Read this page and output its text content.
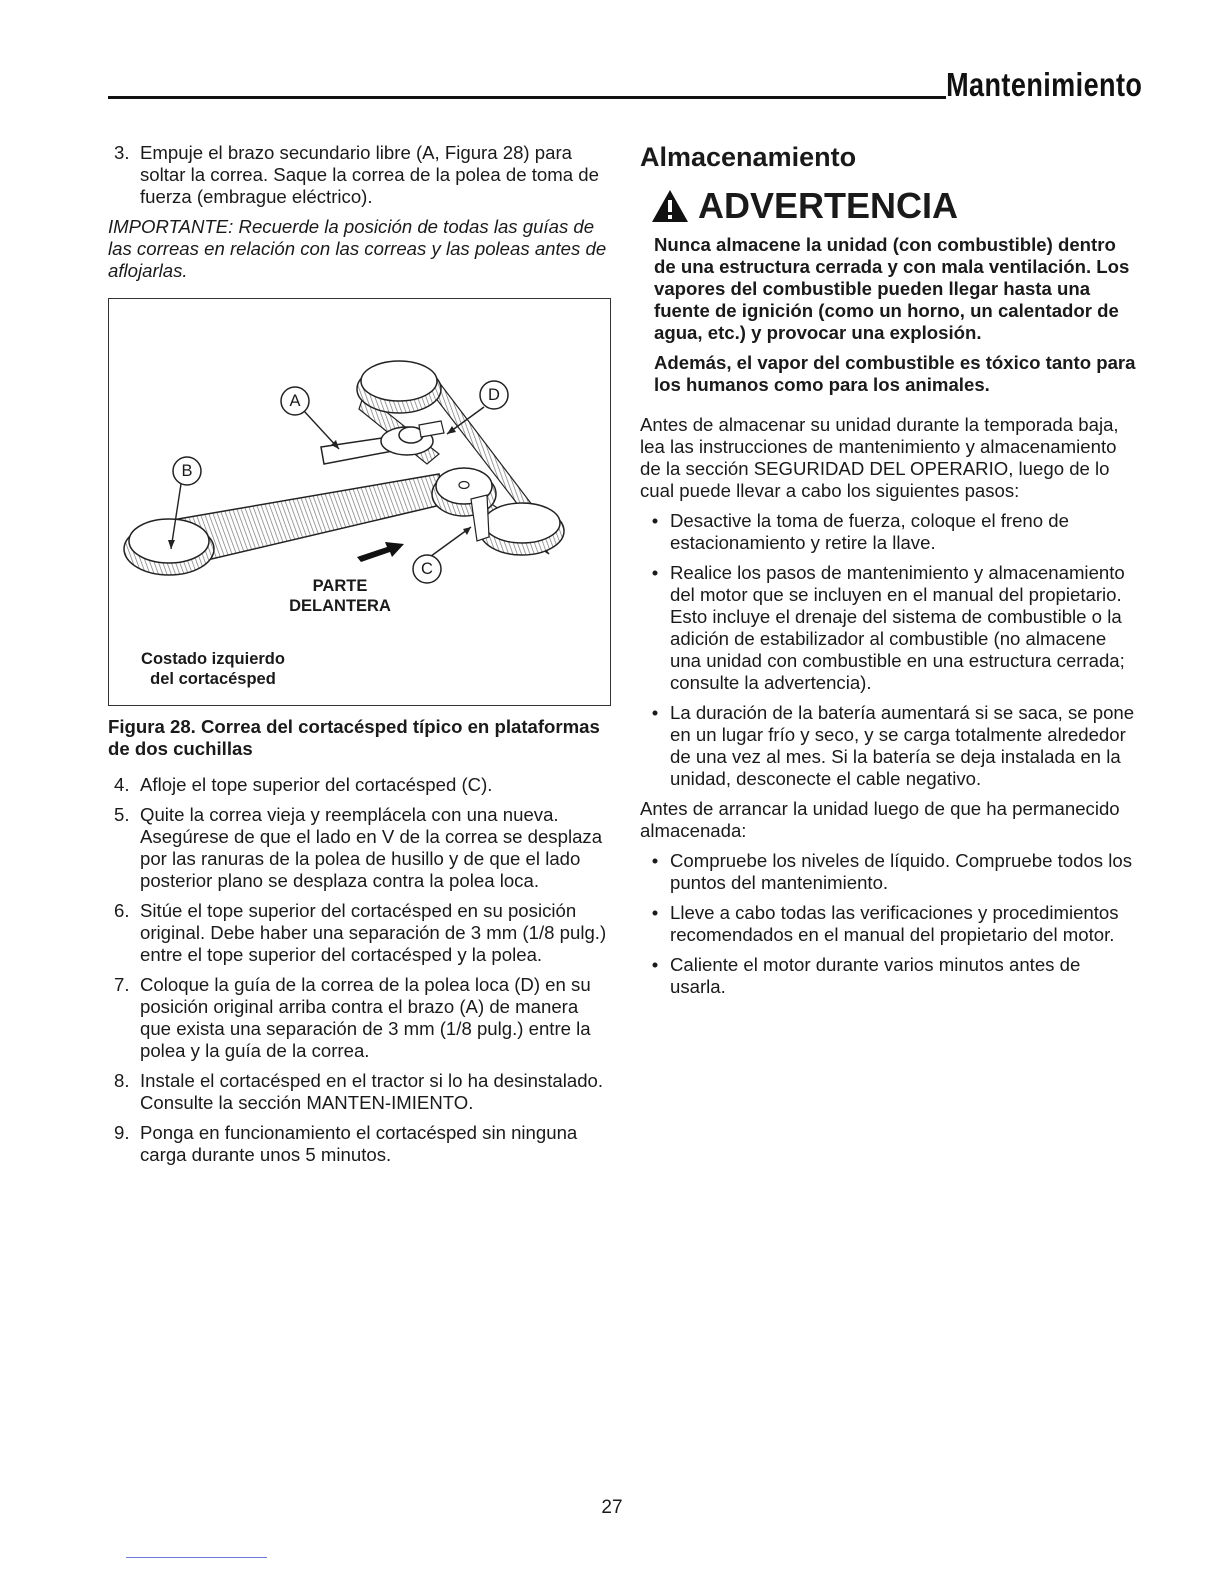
Mantenimiento
3. Empuje el brazo secundario libre (A, Figura 28) para soltar la correa. Saque la correa de la polea de toma de fuerza (embrague eléctrico).

IMPORTANTE: Recuerde la posición de todas las guías de las correas en relación con las correas y las poleas antes de aflojarlas.

A	D
B
C
PARTE
DELANTERA
Costado izquierdo
del cortacésped

Figura 28. Correa del cortacésped típico en plataformas de dos cuchillas

4. Afloje el tope superior del cortacésped (C).
5. Quite la correa vieja y reemplácela con una nueva. Asegúrese de que el lado en V de la correa se desplaza por las ranuras de la polea de husillo y de que el lado posterior plano se desplaza contra la polea loca.
6. Sitúe el tope superior del cortacésped en su posición original. Debe haber una separación de 3 mm (1/8 pulg.) entre el tope superior del cortacésped y la polea.
7. Coloque la guía de la correa de la polea loca (D) en su posición original arriba contra el brazo (A) de manera que exista una separación de 3 mm (1/8 pulg.) entre la polea y la guía de la correa.
8. Instale el cortacésped en el tractor si lo ha desinstalado. Consulte la sección MANTEN-IMIENTO.
9. Ponga en funcionamiento el cortacésped sin ninguna carga durante unos 5 minutos.
Almacenamiento
ADVERTENCIA

Nunca almacene la unidad (con combustible) dentro de una estructura cerrada y con mala ventilación. Los vapores del combustible pueden llegar hasta una fuente de ignición (como un horno, un calentador de agua, etc.) y provocar una explosión.

Además, el vapor del combustible es tóxico tanto para los humanos como para los animales.

Antes de almacenar su unidad durante la temporada baja, lea las instrucciones de mantenimiento y almacenamiento de la sección SEGURIDAD DEL OPERARIO, luego de lo cual puede llevar a cabo los siguientes pasos:

• Desactive la toma de fuerza, coloque el freno de estacionamiento y retire la llave.
• Realice los pasos de mantenimiento y almacenamiento del motor que se incluyen en el manual del propietario. Esto incluye el drenaje del sistema de combustible o la adición de estabilizador al combustible (no almacene una unidad con combustible en una estructura cerrada; consulte la advertencia).
• La duración de la batería aumentará si se saca, se pone en un lugar frío y seco, y se carga totalmente alrededor de una vez al mes. Si la batería se deja instalada en la unidad, desconecte el cable negativo.

Antes de arrancar la unidad luego de que ha permanecido almacenada:

• Compruebe los niveles de líquido. Compruebe todos los puntos del mantenimiento.
• Lleve a cabo todas las verificaciones y procedimientos recomendados en el manual del propietario del motor.
• Caliente el motor durante varios minutos antes de usarla.
27
